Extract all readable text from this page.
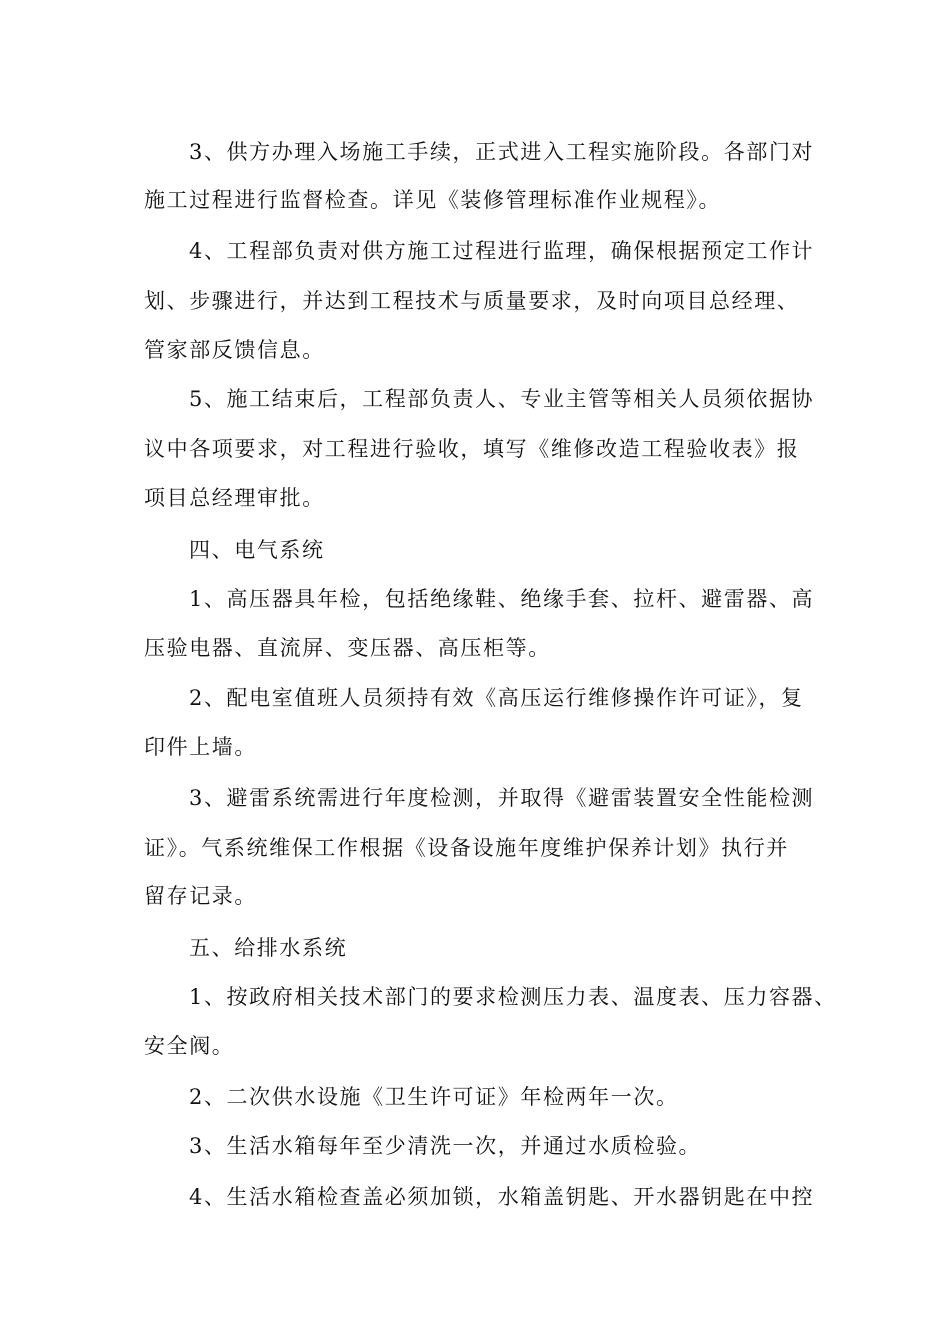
3、供方办理入场施工手续，正式进入工程实施阶段。各部门对

施工过程进行监督检查。详见《装修管理标准作业规程》。

4、工程部负责对供方施工过程进行监理，确保根据预定工作计

划、步骤进行，并达到工程技术与质量要求，及时向项目总经理、

管家部反馈信息。

5、施工结束后，工程部负责人、专业主管等相关人员须依据协

议中各项要求，对工程进行验收，填写《维修改造工程验收表》报

项目总经理审批。

四、电气系统

1、高压器具年检，包括绝缘鞋、绝缘手套、拉杆、避雷器、高

压验电器、直流屏、变压器、高压柜等。

2、配电室值班人员须持有效《高压运行维修操作许可证》，复

印件上墙。

3、避雷系统需进行年度检测，并取得《避雷装置安全性能检测

证》。气系统维保工作根据《设备设施年度维护保养计划》执行并

留存记录。

五、给排水系统

1、按政府相关技术部门的要求检测压力表、温度表、压力容器、

安全阀。

2、二次供水设施《卫生许可证》年检两年一次。

3、生活水箱每年至少清洗一次，并通过水质检验。

4、生活水箱检查盖必须加锁，水箱盖钥匙、开水器钥匙在中控
